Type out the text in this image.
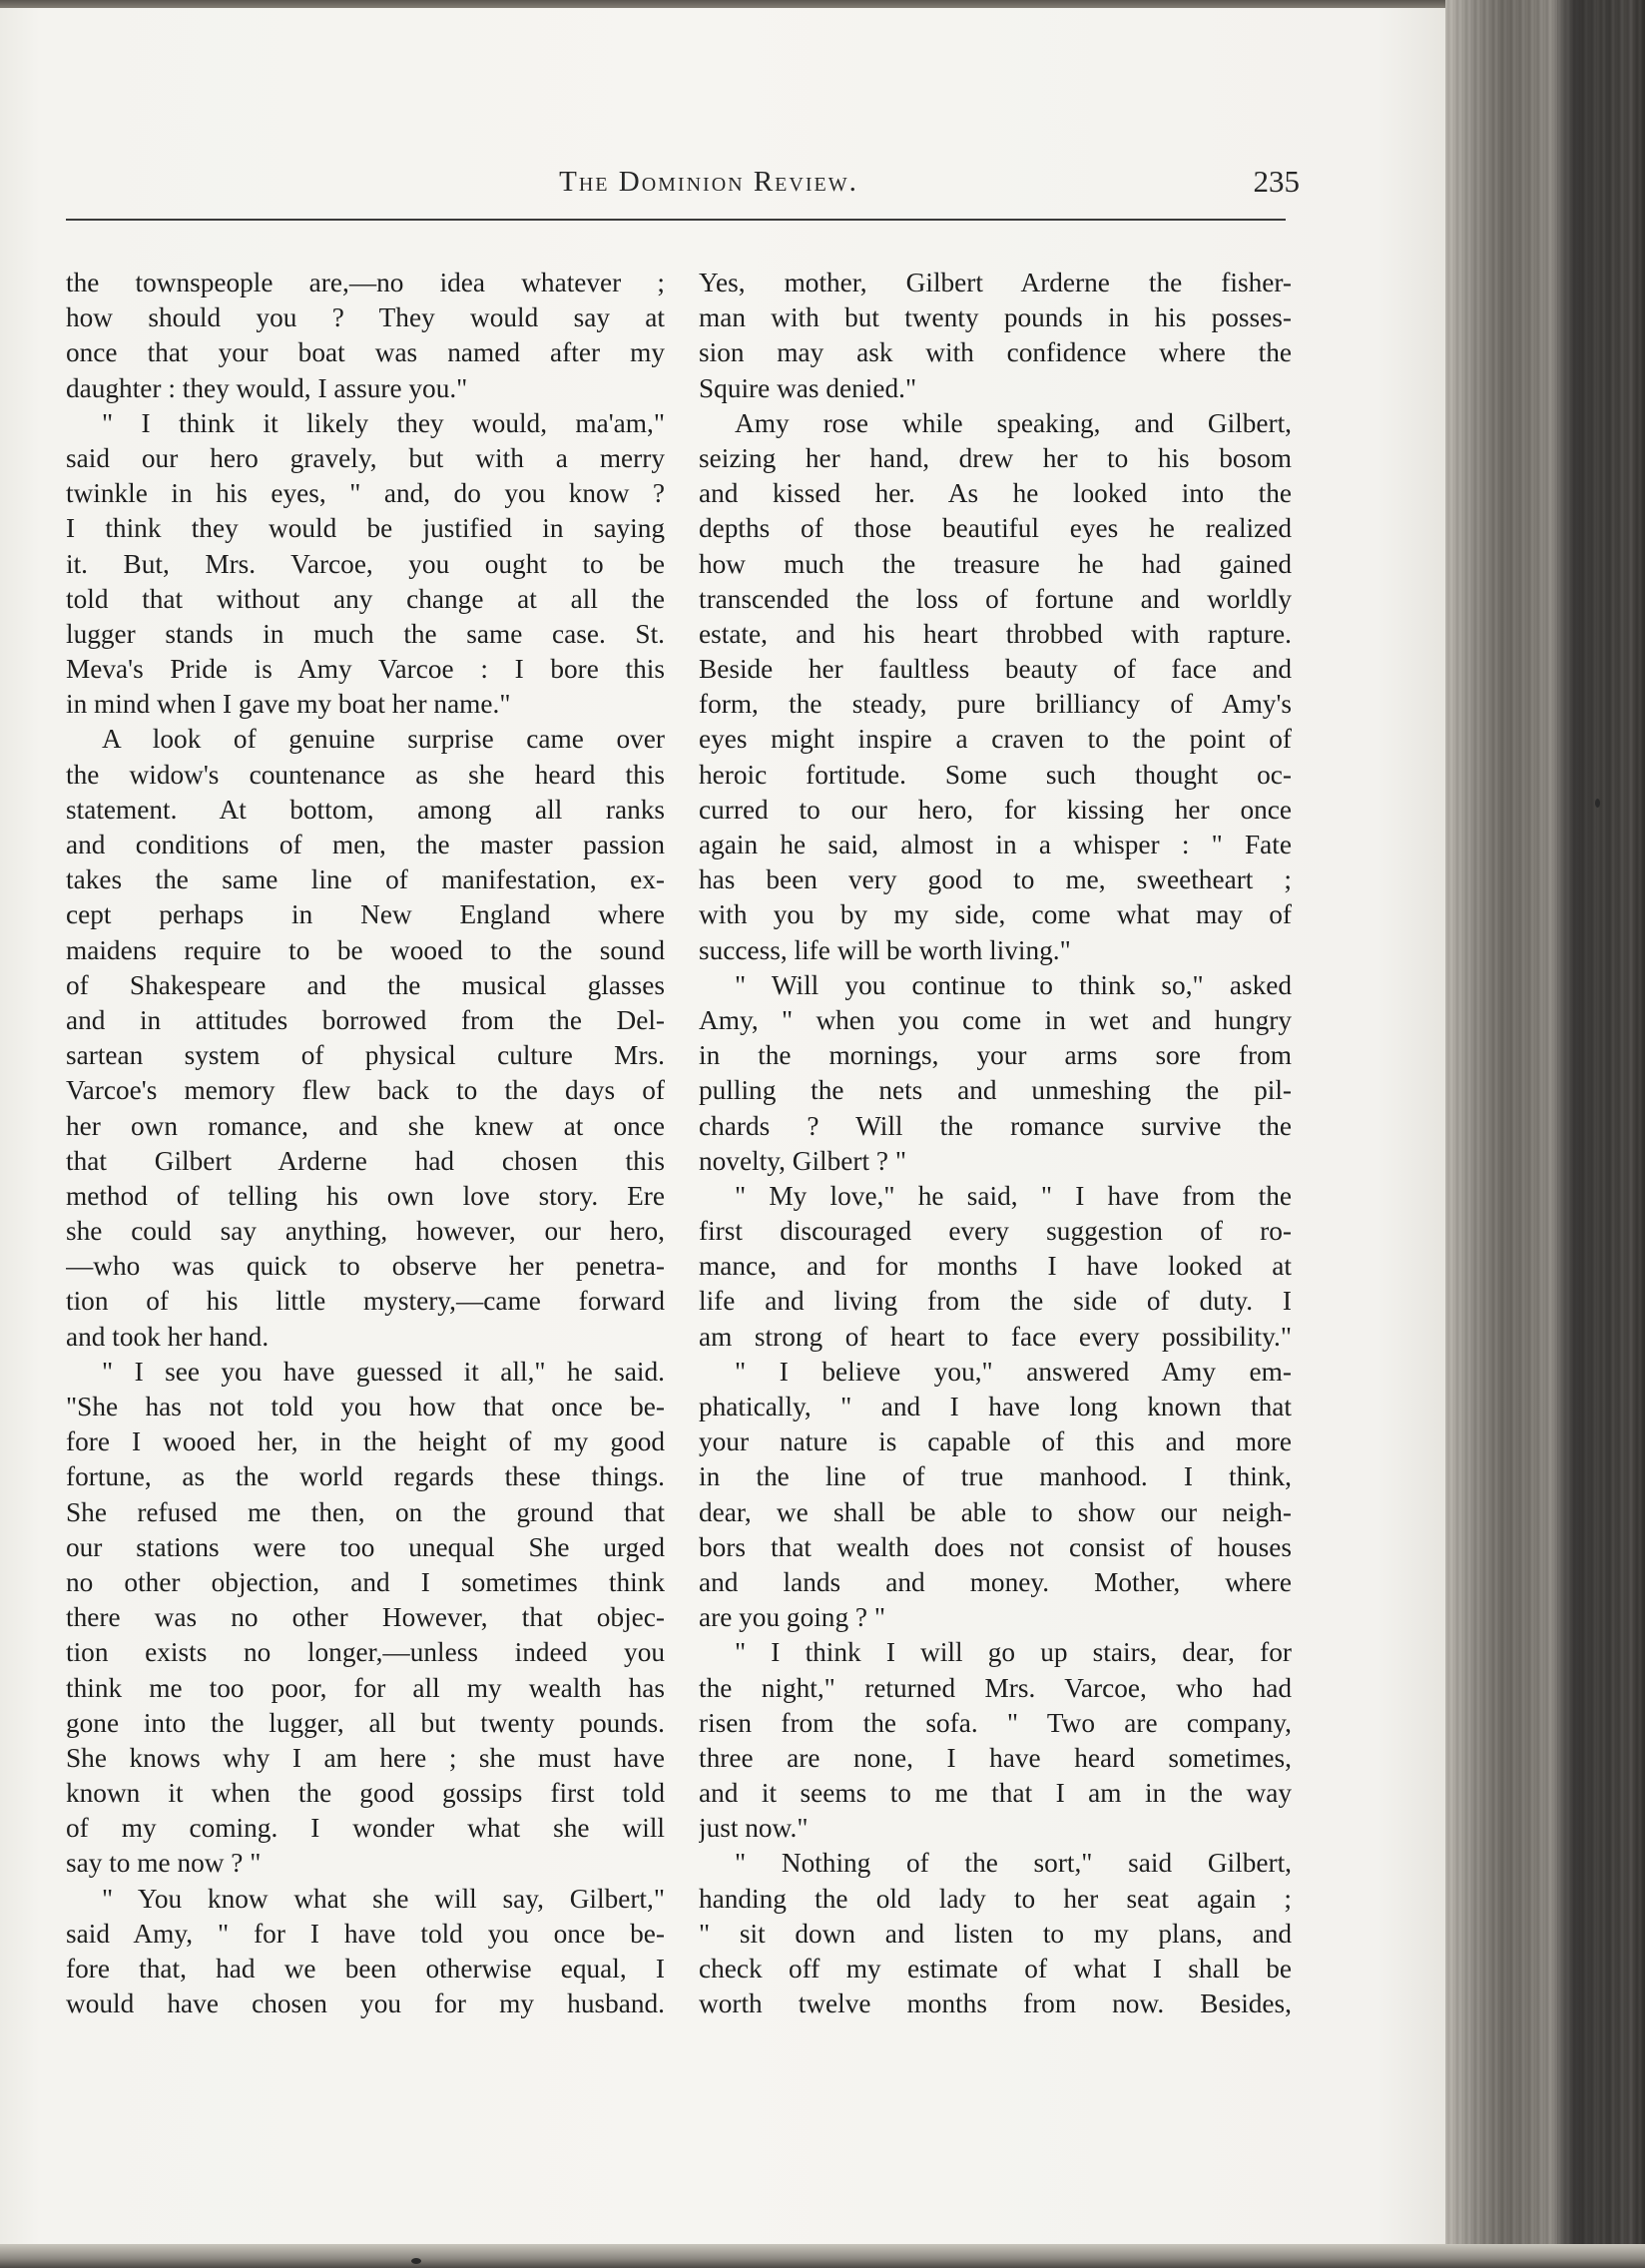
The Dominion Review.	235
the townspeople are,—no idea whatever ;
how should you ? They would say at
once that your boat was named after my
daughter : they would, I assure you."
" I think it likely they would, ma'am,"
said our hero gravely, but with a merry
twinkle in his eyes, " and, do you know ?
I think they would be justified in saying
it. But, Mrs. Varcoe, you ought to be
told that without any change at all the
lugger stands in much the same case. St.
Meva's Pride is Amy Varcoe : I bore this
in mind when I gave my boat her name."
A look of genuine surprise came over
the widow's countenance as she heard this
statement. At bottom, among all ranks
and conditions of men, the master passion
takes the same line of manifestation, ex-
cept perhaps in New England where
maidens require to be wooed to the sound
of Shakespeare and the musical glasses
and in attitudes borrowed from the Del-
sartean system of physical culture Mrs.
Varcoe's memory flew back to the days of
her own romance, and she knew at once
that Gilbert Arderne had chosen this
method of telling his own love story. Ere
she could say anything, however, our hero,
—who was quick to observe her penetra-
tion of his little mystery,—came forward
and took her hand.
" I see you have guessed it all," he said.
"She has not told you how that once be-
fore I wooed her, in the height of my good
fortune, as the world regards these things.
She refused me then, on the ground that
our stations were too unequal She urged
no other objection, and I sometimes think
there was no other However, that objec-
tion exists no longer,—unless indeed you
think me too poor, for all my wealth has
gone into the lugger, all but twenty pounds.
She knows why I am here ; she must have
known it when the good gossips first told
of my coming. I wonder what she will
say to me now ? "
" You know what she will say, Gilbert,"
said Amy, " for I have told you once be-
fore that, had we been otherwise equal, I
would have chosen you for my husband.
Yes, mother, Gilbert Arderne the fisher-
man with but twenty pounds in his posses-
sion may ask with confidence where the
Squire was denied."
Amy rose while speaking, and Gilbert,
seizing her hand, drew her to his bosom
and kissed her. As he looked into the
depths of those beautiful eyes he realized
how much the treasure he had gained
transcended the loss of fortune and worldly
estate, and his heart throbbed with rapture.
Beside her faultless beauty of face and
form, the steady, pure brilliancy of Amy's
eyes might inspire a craven to the point of
heroic fortitude. Some such thought oc-
curred to our hero, for kissing her once
again he said, almost in a whisper : " Fate
has been very good to me, sweetheart ;
with you by my side, come what may of
success, life will be worth living."
" Will you continue to think so," asked
Amy, " when you come in wet and hungry
in the mornings, your arms sore from
pulling the nets and unmeshing the pil-
chards ? Will the romance survive the
novelty, Gilbert ? "
" My love," he said, " I have from the
first discouraged every suggestion of ro-
mance, and for months I have looked at
life and living from the side of duty. I
am strong of heart to face every possibility."
" I believe you," answered Amy em-
phatically, " and I have long known that
your nature is capable of this and more
in the line of true manhood. I think,
dear, we shall be able to show our neigh-
bors that wealth does not consist of houses
and lands and money. Mother, where
are you going ? "
" I think I will go up stairs, dear, for
the night," returned Mrs. Varcoe, who had
risen from the sofa. " Two are company,
three are none, I have heard sometimes,
and it seems to me that I am in the way
just now."
" Nothing of the sort," said Gilbert,
handing the old lady to her seat again ;
" sit down and listen to my plans, and
check off my estimate of what I shall be
worth twelve months from now. Besides,
